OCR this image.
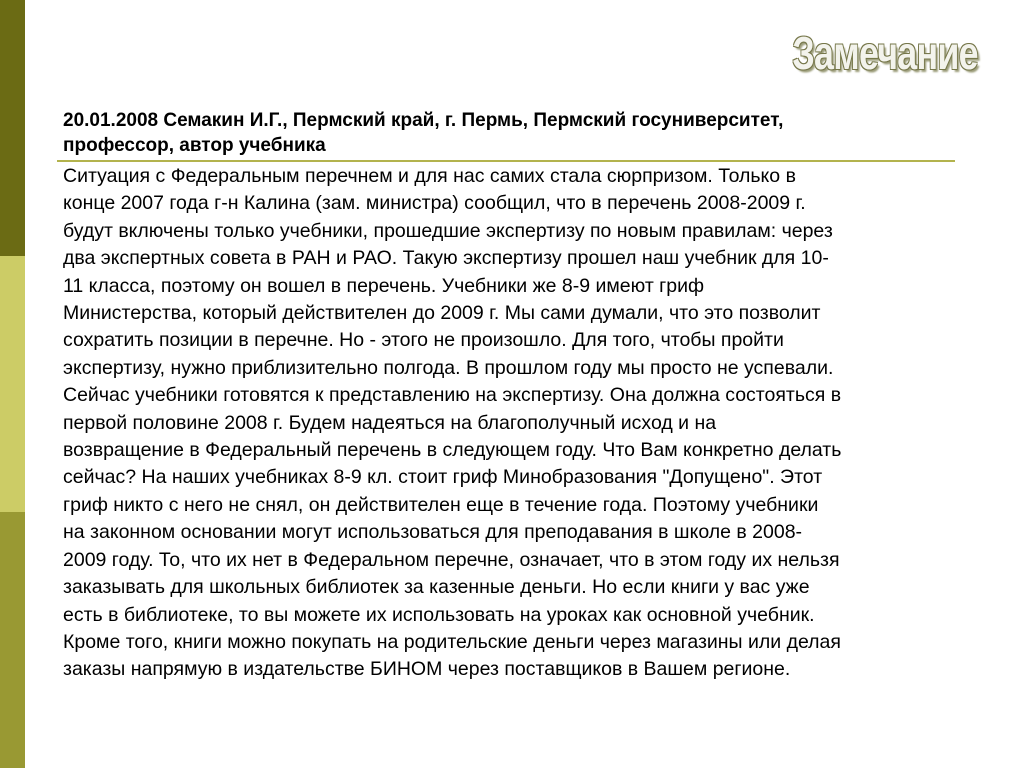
Замечание
20.01.2008 Семакин И.Г., Пермский край, г. Пермь, Пермский госуниверситет,
профессор, автор учебника
Ситуация с Федеральным перечнем и для нас самих стала сюрпризом. Только в
конце 2007 года г-н Калина (зам. министра) сообщил, что в перечень 2008-2009 г.
будут включены только учебники, прошедшие экспертизу по новым правилам: через
два экспертных совета в РАН и РАО. Такую экспертизу прошел наш учебник для 10-
11 класса, поэтому он вошел в перечень. Учебники же 8-9 имеют гриф
Министерства, который действителен до 2009 г. Мы сами думали, что это позволит
сохратить позиции в перечне. Но - этого не произошло. Для того, чтобы пройти
экспертизу, нужно приблизительно полгода. В прошлом году мы просто не успевали.
Сейчас учебники готовятся к представлению на экспертизу. Она должна состояться в
первой половине 2008 г. Будем надеяться на благополучный исход и на
возвращение в Федеральный перечень в следующем году. Что Вам конкретно делать
сейчас? На наших учебниках 8-9 кл. стоит гриф Минобразования "Допущено". Этот
гриф никто с него не снял, он действителен еще в течение года. Поэтому учебники
на законном основании могут использоваться для преподавания в школе в 2008-
2009 году. То, что их нет в Федеральном перечне, означает, что в этом году их нельзя
заказывать для школьных библиотек за казенные деньги. Но если книги у вас уже
есть в библиотеке, то вы можете их использовать на уроках как основной учебник.
Кроме того, книги можно покупать на родительские деньги через магазины или делая
заказы напрямую в издательстве БИНОМ через поставщиков в Вашем регионе.
